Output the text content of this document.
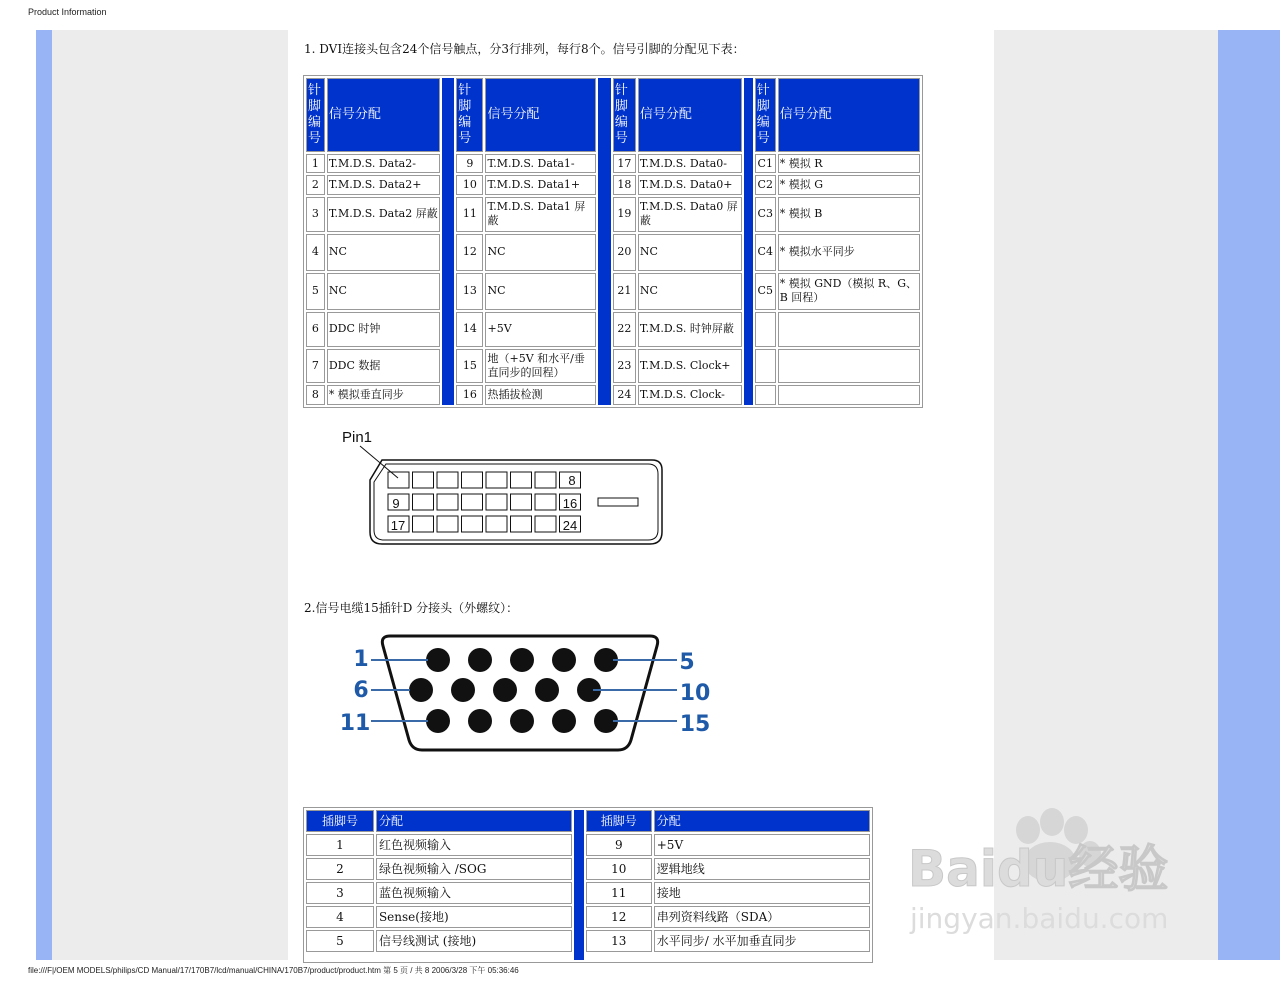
Product Information
1. DVI连接头包含24个信号触点，分3行排列，每行8个。信号引脚的分配见下表：
针脚编号	信号分配		针脚编号	信号分配		针脚编号	信号分配		针脚编号	信号分配
1	T.M.D.S. Data2-		9	T.M.D.S. Data1-		17	T.M.D.S. Data0-		C1	* 模拟 R
2	T.M.D.S. Data2+		10	T.M.D.S. Data1+		18	T.M.D.S. Data0+		C2	* 模拟 G
3	T.M.D.S. Data2 屏蔽		11	T.M.D.S. Data1 屏蔽		19	T.M.D.S. Data0 屏蔽		C3	* 模拟 B
4	NC		12	NC		20	NC		C4	* 模拟水平同步
5	NC		13	NC		21	NC		C5	* 模拟 GND（模拟 R、G、B 回程）
6	DDC 时钟		14	+5V		22	T.M.D.S. 时钟屏蔽			
7	DDC 数据		15	地（+5V 和水平/垂直同步的回程）		23	T.M.D.S. Clock+			
8	* 模拟垂直同步		16	热插拔检测		24	T.M.D.S. Clock-			
Pin1
9
17
8
16
24
2.信号电缆15插针D 分接头（外螺纹）：
1	5
6	10
11	15
插脚号	分配		插脚号	分配
1	红色视频输入		9	+5V
2	绿色视频输入 /SOG		10	逻辑地线
3	蓝色视频输入		11	接地
4	Sense(接地)		12	串列资料线路（SDA）
5	信号线测试 (接地)		13	水平同步/ 水平加垂直同步

Baidu经验
jingyan.baidu.com
file:///F|/OEM MODELS/philips/CD Manual/17/170B7/lcd/manual/CHINA/170B7/product/product.htm 第 5 页 / 共 8 2006/3/28 下午 05:36:46
